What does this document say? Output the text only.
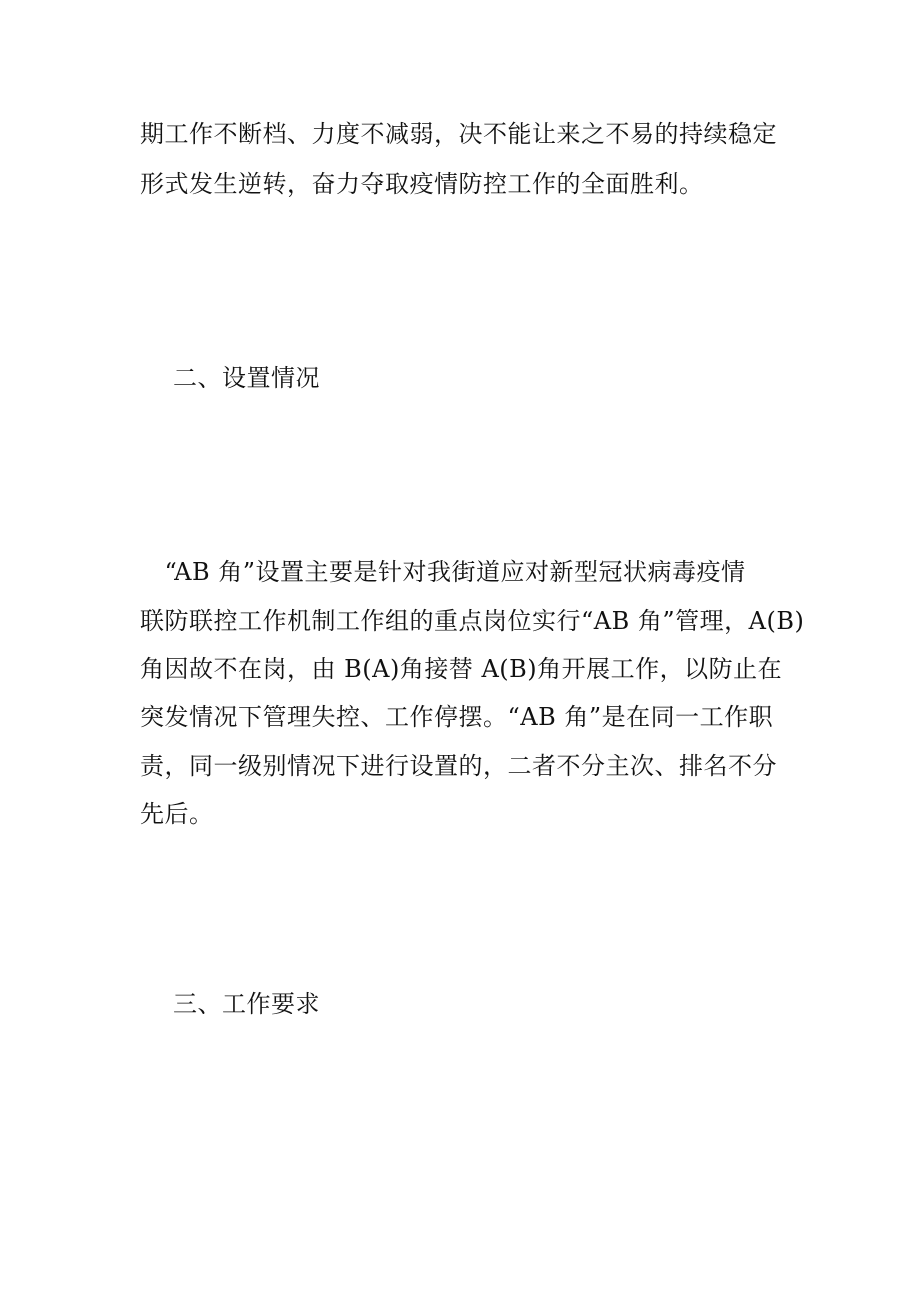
期工作不断档、力度不减弱，决不能让来之不易的持续稳定
形式发生逆转，奋力夺取疫情防控工作的全面胜利。
二、设置情况
　“AB 角”设置主要是针对我街道应对新型冠状病毒疫情
联防联控工作机制工作组的重点岗位实行“AB 角”管理，A(B)
角因故不在岗，由 B(A)角接替 A(B)角开展工作，以防止在
突发情况下管理失控、工作停摆。“AB 角”是在同一工作职
责，同一级别情况下进行设置的，二者不分主次、排名不分
先后。
三、工作要求
